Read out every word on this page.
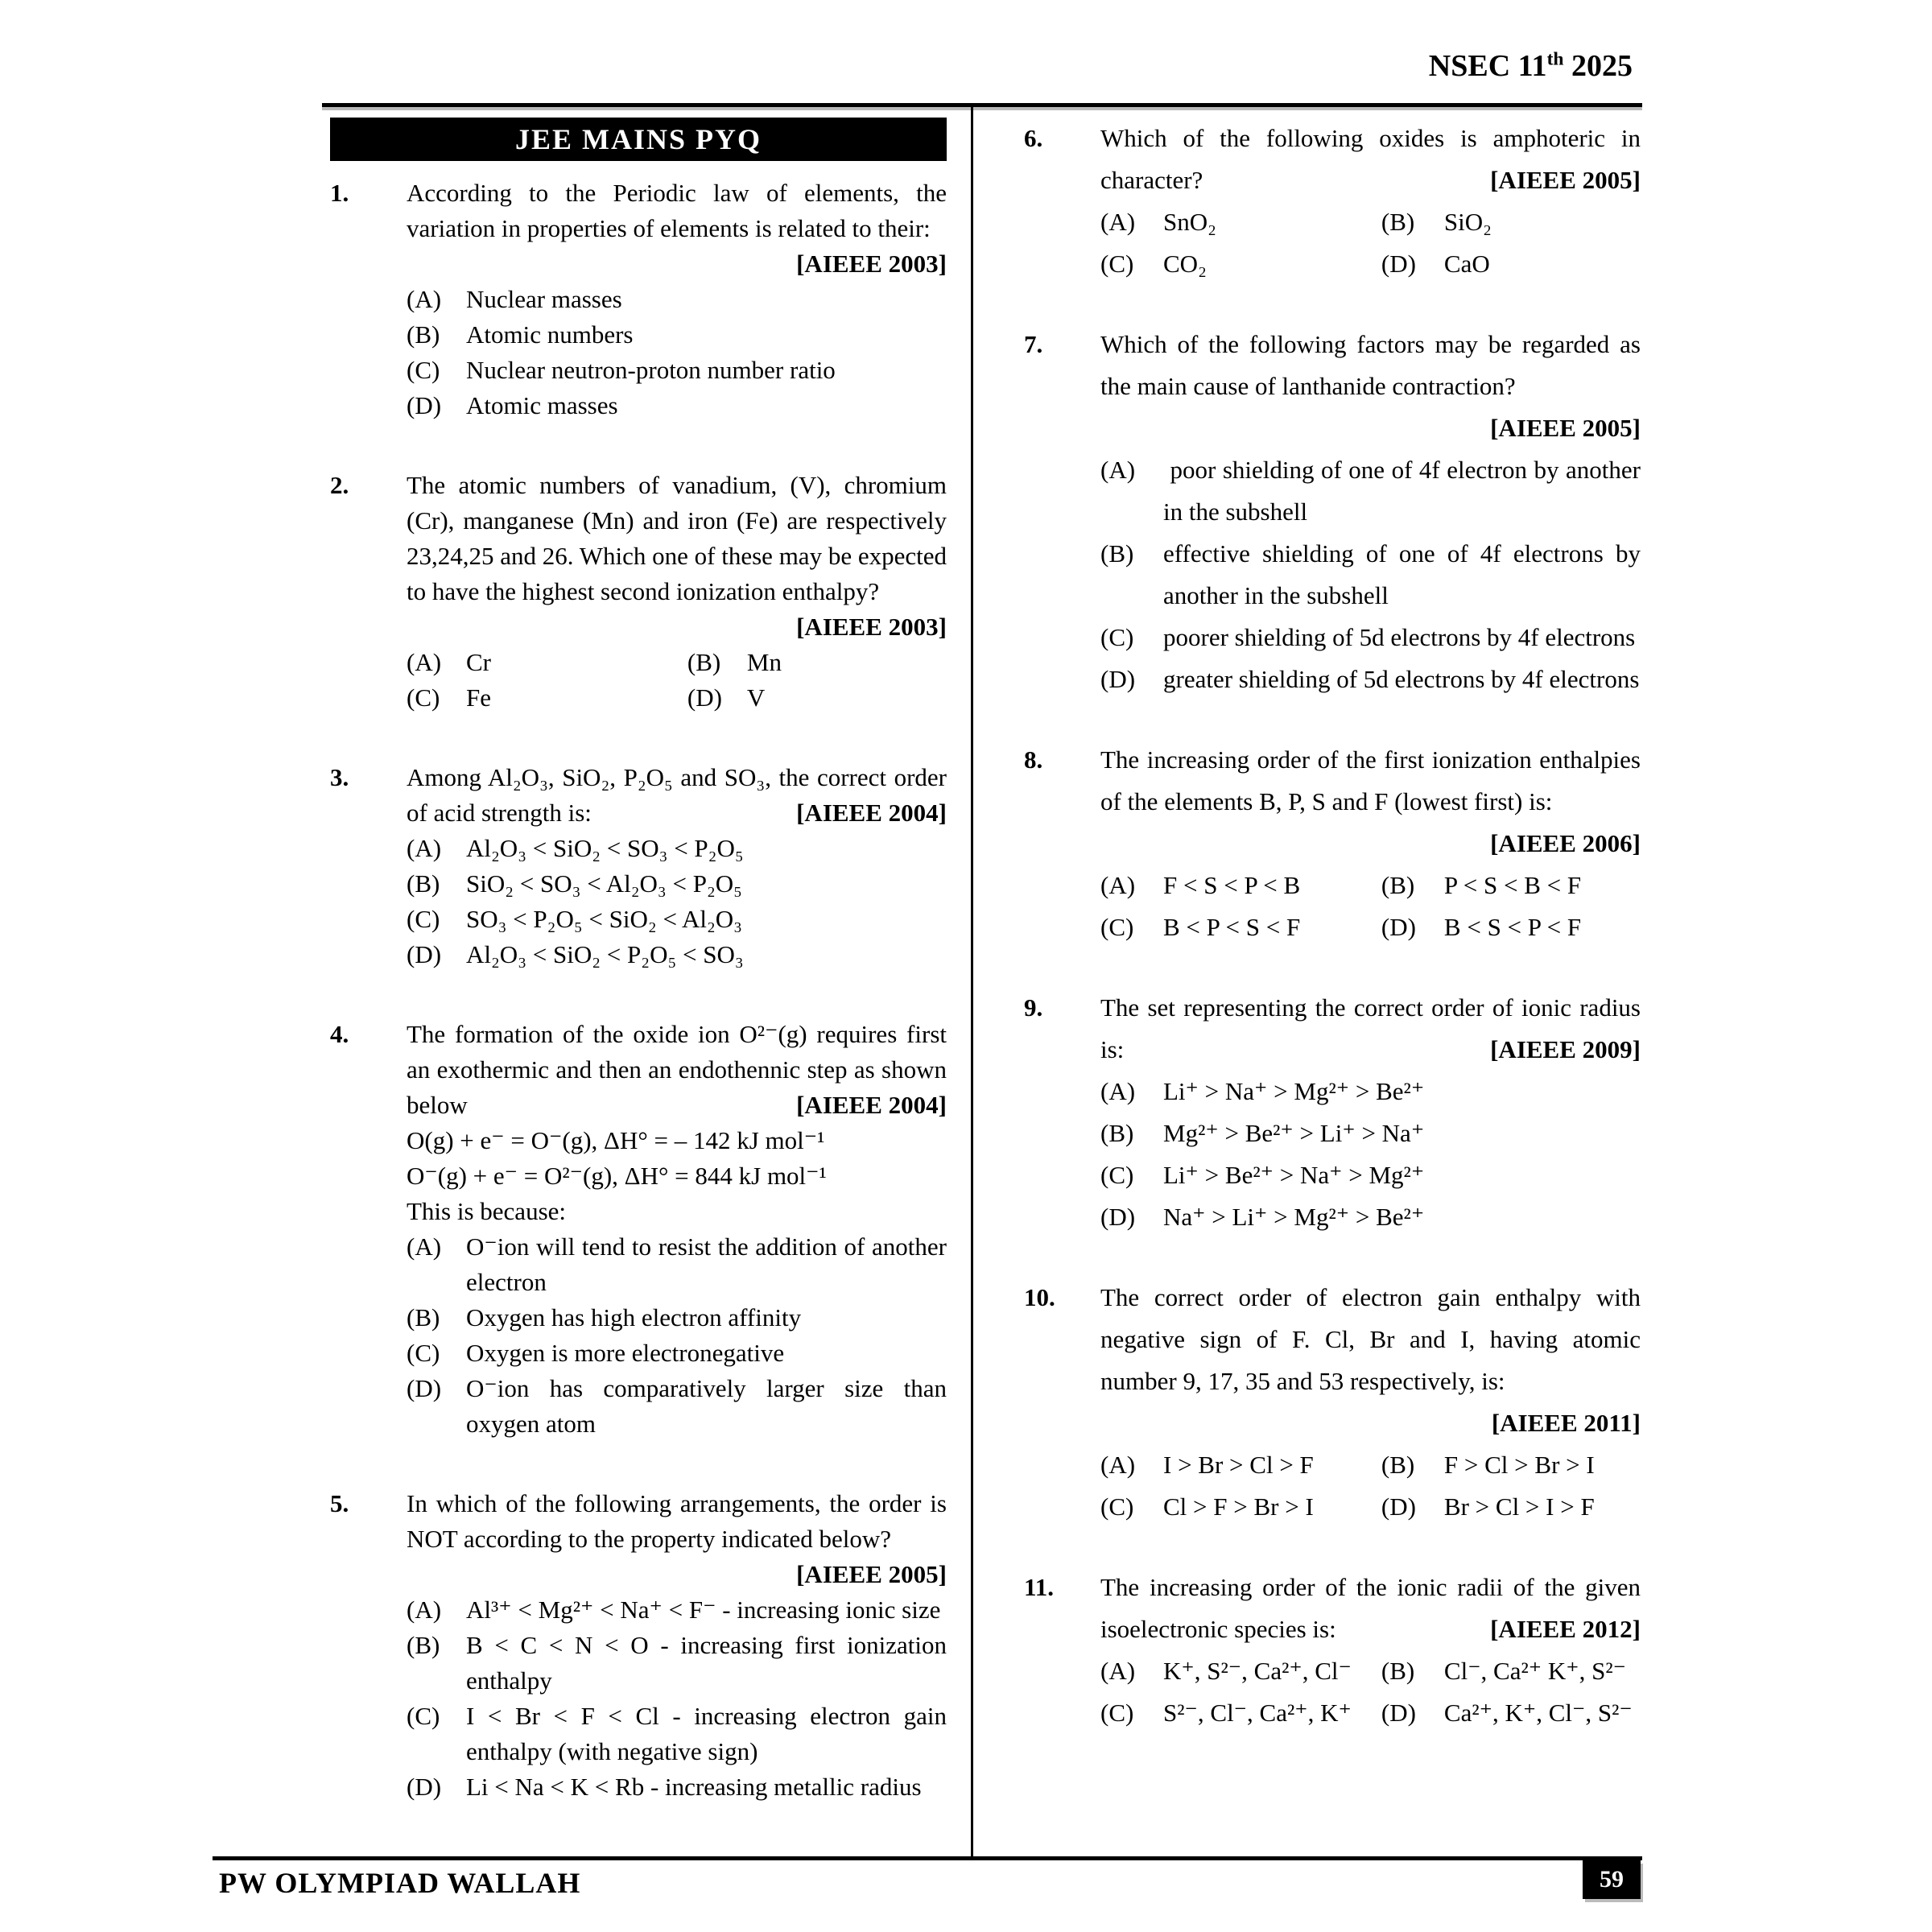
NSEC 11th 2025
JEE MAINS PYQ
1.	According to the Periodic law of elements, the variation in properties of elements is related to their:
[AIEEE 2003]

(A) Nuclear masses
(B)	Atomic numbers
(C)	Nuclear neutron-proton number ratio
(D) Atomic masses
2.	The atomic numbers of vanadium, (V), chromium (Cr), manganese (Mn) and iron (Fe) are respectively 23,24,25 and 26. Which one of these may be expected to have the highest second ionization enthalpy?
[AIEEE 2003]

(A) Cr	(B)	Mn
(C)	Fe	(D) V
3.	Among Al₂O₃, SiO₂, P₂O₅ and SO₃, the correct order of acid strength is:	[AIEEE 2004]

(A) Al₂O₃ < SiO₂ < SO₃ < P₂O₅
(B)	SiO₂ < SO₃ < Al₂O₃ < P₂O₅
(C)	SO₃ < P₂O₅ < SiO₂ < Al₂O₃
(D) Al₂O₃ < SiO₂ < P₂O₅ < SO₃
4.	The formation of the oxide ion O²⁻(g) requires first an exothermic and then an endothennic step as shown below	[AIEEE 2004]

O(g) + e⁻ = O⁻(g), ΔH° = – 142 kJ mol⁻¹
O⁻(g) + e⁻ = O²⁻(g), ΔH° = 844 kJ mol⁻¹
This is because:
(A) O⁻ion will tend to resist the addition of another electron
(B)	Oxygen has high electron affinity
(C)	Oxygen is more electronegative
(D) O⁻ion has comparatively larger size than oxygen atom
5.	In which of the following arrangements, the order is NOT according to the property indicated below?
[AIEEE 2005]

(A) Al³⁺ < Mg²⁺ < Na⁺ < F⁻ - increasing ionic size
(B)	B < C < N < O - increasing first ionization enthalpy
(C)	I < Br < F < Cl - increasing electron gain enthalpy (with negative sign)
(D) Li < Na < K < Rb - increasing metallic radius
6.	Which of the following oxides is amphoteric in character?	[AIEEE 2005]

(A)	SnO₂	(B)	SiO₂
(C)	CO₂	(D)	CaO
7.	Which of the following factors may be regarded as the main cause of lanthanide contraction?

[AIEEE 2005]
(A)	poor shielding of one of 4f electron by another in the subshell
(B)	effective shielding of one of 4f electrons by another in the subshell
(C)	poorer shielding of 5d electrons by 4f electrons
(D)	greater shielding of 5d electrons by 4f electrons
8.	The increasing order of the first ionization enthalpies of the elements B, P, S and F (lowest first) is:
[AIEEE 2006]

(A)	F < S < P < B	(B)	P < S < B < F
(C)	B < P < S < F	(D)	B < S < P < F
9.	The set representing the correct order of ionic radius is:	[AIEEE 2009]

(A)	Li⁺ > Na⁺ > Mg²⁺ > Be²⁺
(B)	Mg²⁺ > Be²⁺ > Li⁺ > Na⁺
(C)	Li⁺ > Be²⁺ > Na⁺ > Mg²⁺
(D)	Na⁺ > Li⁺ > Mg²⁺ > Be²⁺
10.	The correct order of electron gain enthalpy with negative sign of F. Cl, Br and I, having atomic number 9, 17, 35 and 53 respectively, is:

[AIEEE 2011]
(A)	I > Br > Cl > F	(B)	F > Cl > Br > I
(C)	Cl > F > Br > I	(D)	Br > Cl > I > F
11.	The increasing order of the ionic radii of the given isoelectronic species is:	[AIEEE 2012]

(A)	K⁺, S²⁻, Ca²⁺, Cl⁻	(B)	Cl⁻, Ca²⁺ K⁺, S²⁻
(C)	S²⁻, Cl⁻, Ca²⁺, K⁺	(D)	Ca²⁺, K⁺, Cl⁻, S²⁻
PW OLYMPIAD WALLAH	59
